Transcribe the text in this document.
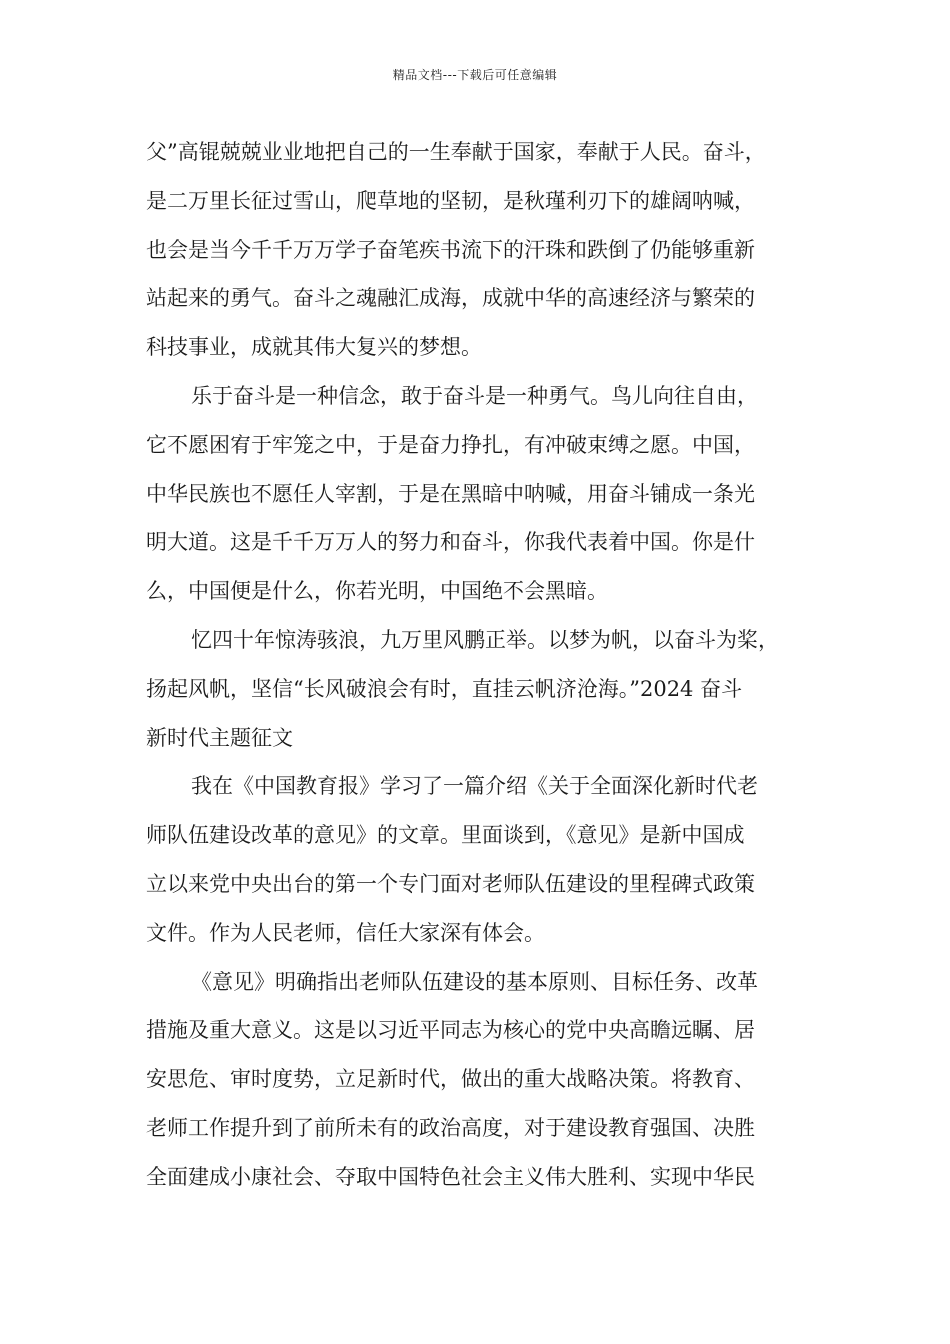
精品文档---下载后可任意编辑
父”高锟兢兢业业地把自己的一生奉献于国家，奉献于人民。奋斗，
是二万里长征过雪山，爬草地的坚韧，是秋瑾利刃下的雄阔呐喊，
也会是当今千千万万学子奋笔疾书流下的汗珠和跌倒了仍能够重新
站起来的勇气。奋斗之魂融汇成海，成就中华的高速经济与繁荣的
科技事业，成就其伟大复兴的梦想。
乐于奋斗是一种信念，敢于奋斗是一种勇气。鸟儿向往自由，
它不愿困宥于牢笼之中，于是奋力挣扎，有冲破束缚之愿。中国，
中华民族也不愿任人宰割，于是在黑暗中呐喊，用奋斗铺成一条光
明大道。这是千千万万人的努力和奋斗，你我代表着中国。你是什
么，中国便是什么，你若光明，中国绝不会黑暗。
忆四十年惊涛骇浪，九万里风鹏正举。以梦为帆，以奋斗为桨，
扬起风帆，坚信“长风破浪会有时，直挂云帆济沧海。”2024 奋斗
新时代主题征文
我在《中国教育报》学习了一篇介绍《关于全面深化新时代老
师队伍建设改革的意见》的文章。里面谈到，《意见》是新中国成
立以来党中央出台的第一个专门面对老师队伍建设的里程碑式政策
文件。作为人民老师，信任大家深有体会。
《意见》明确指出老师队伍建设的基本原则、目标任务、改革
措施及重大意义。这是以习近平同志为核心的党中央高瞻远瞩、居
安思危、审时度势，立足新时代，做出的重大战略决策。将教育、
老师工作提升到了前所未有的政治高度，对于建设教育强国、决胜
全面建成小康社会、夺取中国特色社会主义伟大胜利、实现中华民
